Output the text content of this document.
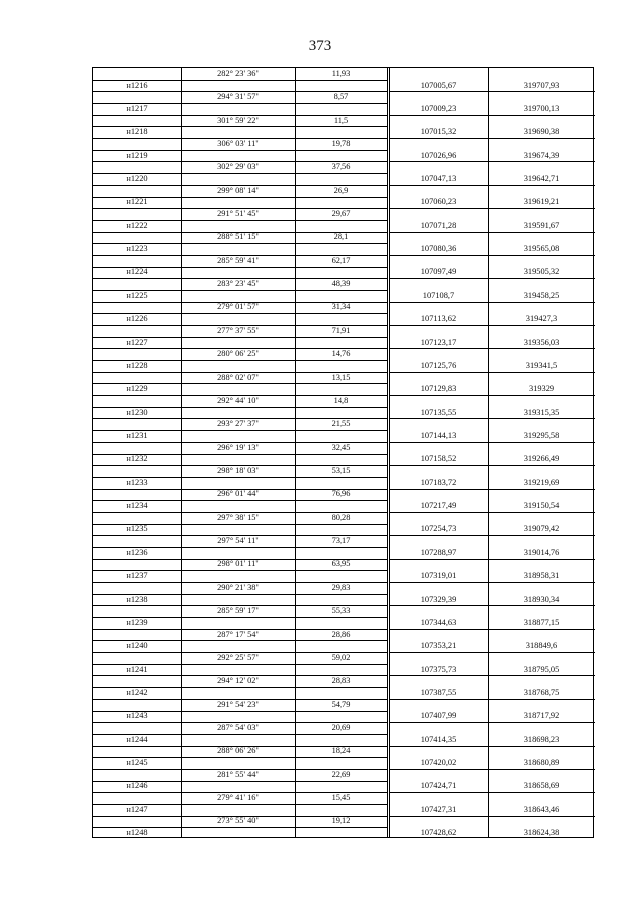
373
282° 23' 36"	11,93
н1216	107005,67	319707,93
294° 31' 57"	8,57
н1217	107009,23	319700,13
301° 59' 22"	11,5
н1218	107015,32	319690,38
306° 03' 11"	19,78
н1219	107026,96	319674,39
302° 29' 03"	37,56
н1220	107047,13	319642,71
299° 08' 14"	26,9
н1221	107060,23	319619,21
291° 51' 45"	29,67
н1222	107071,28	319591,67
288° 51' 15"	28,1
н1223	107080,36	319565,08
285° 59' 41"	62,17
н1224	107097,49	319505,32
283° 23' 45"	48,39
н1225	107108,7	319458,25
279° 01' 57"	31,34
н1226	107113,62	319427,3
277° 37' 55"	71,91
н1227	107123,17	319356,03
280° 06' 25"	14,76
н1228	107125,76	319341,5
288° 02' 07"	13,15
н1229	107129,83	319329
292° 44' 10"	14,8
н1230	107135,55	319315,35
293° 27' 37"	21,55
н1231	107144,13	319295,58
296° 19' 13"	32,45
н1232	107158,52	319266,49
298° 18' 03"	53,15
н1233	107183,72	319219,69
296° 01' 44"	76,96
н1234	107217,49	319150,54
297° 38' 15"	80,28
н1235	107254,73	319079,42
297° 54' 11"	73,17
н1236	107288,97	319014,76
298° 01' 11"	63,95
н1237	107319,01	318958,31
290° 21' 38"	29,83
н1238	107329,39	318930,34
285° 59' 17"	55,33
н1239	107344,63	318877,15
287° 17' 54"	28,86
н1240	107353,21	318849,6
292° 25' 57"	59,02
н1241	107375,73	318795,05
294° 12' 02"	28,83
н1242	107387,55	318768,75
291° 54' 23"	54,79
н1243	107407,99	318717,92
287° 54' 03"	20,69
н1244	107414,35	318698,23
288° 06' 26"	18,24
н1245	107420,02	318680,89
281° 55' 44"	22,69
н1246	107424,71	318658,69
279° 41' 16"	15,45
н1247	107427,31	318643,46
273° 55' 40"	19,12
н1248	107428,62	318624,38
